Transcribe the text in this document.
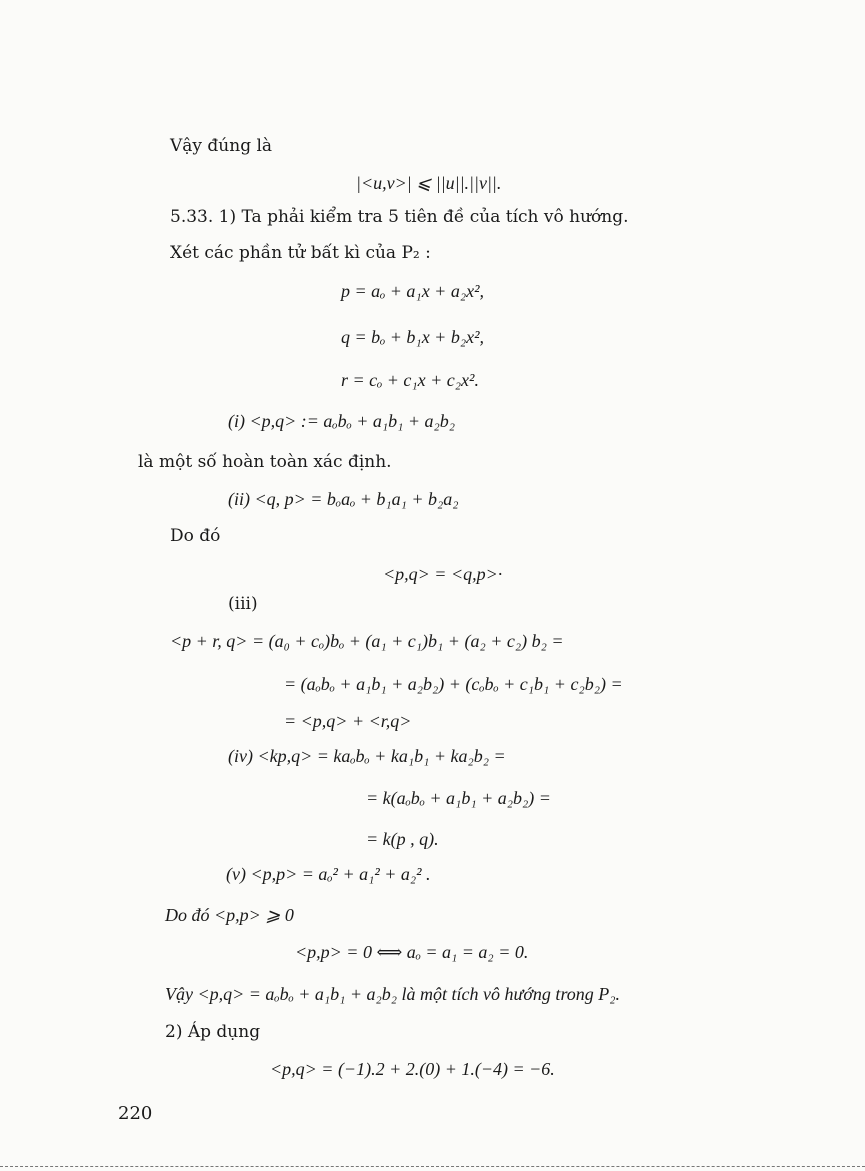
Vậy đúng là
|<u,v>| ⩽ ||u||.||v||.
5.33. 1) Ta phải kiểm tra 5 tiên đề của tích vô hướng.
Xét các phần tử bất kì của P₂ :
p = aₒ + a₁x + a₂x²,
q = bₒ + b₁x + b₂x²,
r = cₒ + c₁x + c₂x².
(i) <p,q> := aₒbₒ + a₁b₁ + a₂b₂
là một số hoàn toàn xác định.
(ii) <q, p> = bₒaₒ + b₁a₁ + b₂a₂
Do đó
<p,q> = <q,p>·
(iii)
<p + r, q> = (a₀ + cₒ)bₒ + (a₁ + c₁)b₁ + (a₂ + c₂) b₂ =
= (aₒbₒ + a₁b₁ + a₂b₂) + (cₒbₒ + c₁b₁ + c₂b₂) =
= <p,q> + <r,q>
(iv) <kp,q> = kaₒbₒ + ka₁b₁ + ka₂b₂ =
= k(aₒbₒ + a₁b₁ + a₂b₂) =
= k(p , q).
(v) <p,p> = aₒ² + a₁² + a₂² .
Do đó <p,p> ⩾ 0
<p,p> = 0 ⟺ aₒ = a₁ = a₂ = 0.
Vậy <p,q> = aₒbₒ + a₁b₁ + a₂b₂ là một tích vô hướng trong P₂.
2) Áp dụng
<p,q> = (−1).2 + 2.(0) + 1.(−4) = −6.
220
